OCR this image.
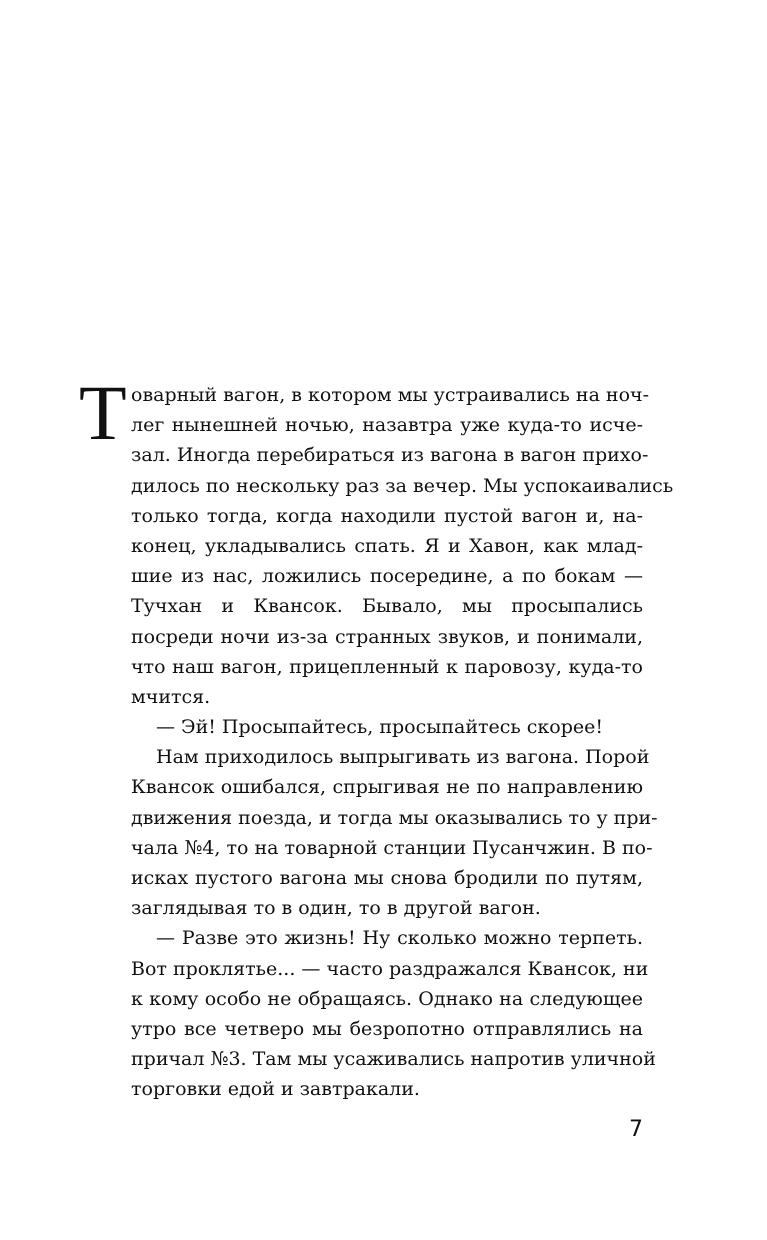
Т оварный вагон, в котором мы устраивались на ноч-
лег нынешней ночью, назавтра уже куда-то исче-
зал. Иногда перебираться из вагона в вагон прихо-
дилось по нескольку раз за вечер. Мы успокаивались
только тогда, когда находили пустой вагон и, на-
конец, укладывались спать. Я и Хавон, как млад-
шие из нас, ложились посередине, а по бокам —
Тучхан и Квансок. Бывало, мы просыпались
посреди ночи из-за странных звуков, и понимали,
что наш вагон, прицепленный к паровозу, куда-то
мчится.
— Эй! Просыпайтесь, просыпайтесь скорее!
Нам приходилось выпрыгивать из вагона. Порой
Квансок ошибался, спрыгивая не по направлению
движения поезда, и тогда мы оказывались то у при-
чала №4, то на товарной станции Пусанчжин. В по-
исках пустого вагона мы снова бродили по путям,
заглядывая то в один, то в другой вагон.
— Разве это жизнь! Ну сколько можно терпеть.
Вот проклятье... — часто раздражался Квансок, ни
к кому особо не обращаясь. Однако на следующее
утро все четверо мы безропотно отправлялись на
причал №3. Там мы усаживались напротив уличной
торговки едой и завтракали.
7
